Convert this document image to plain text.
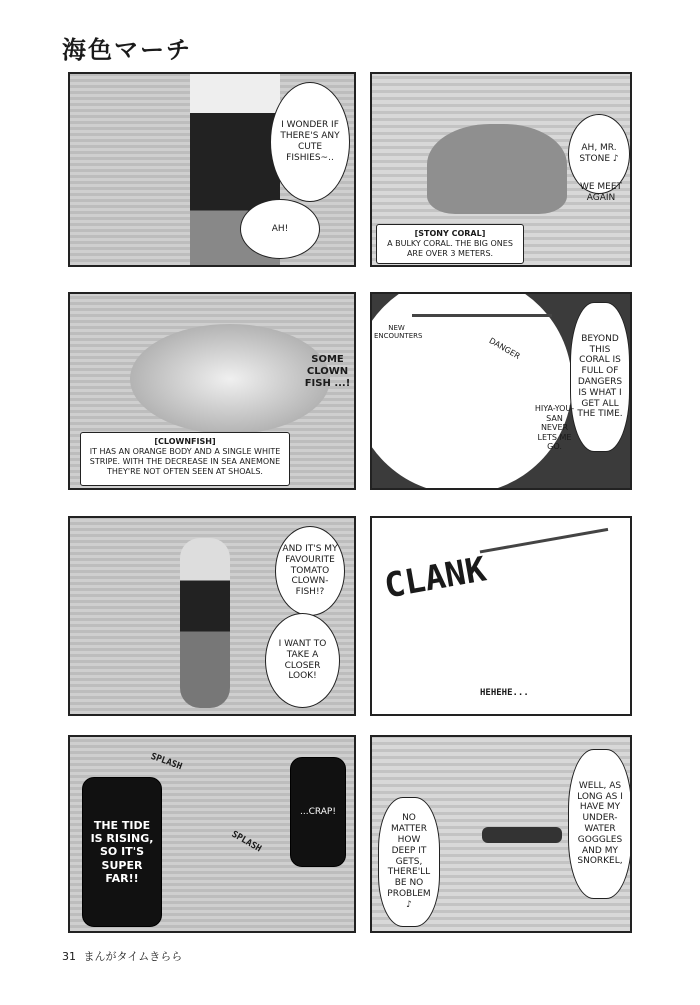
海色マーチ
I WONDER IF THERE'S ANY CUTE FISHIES~..
AH!
AH, MR. STONE ♪
WE MEET AGAIN
[STONY CORAL]
A BULKY CORAL. THE BIG ONES ARE OVER 3 METERS.
SOME CLOWN FISH ...!
[CLOWNFISH]
IT HAS AN ORANGE BODY AND A SINGLE WHITE STRIPE. WITH THE DECREASE IN SEA ANEMONE THEY'RE NOT OFTEN SEEN AT SHOALS.
NEW ENCOUNTERS	DANGER	BEYOND THIS CORAL IS FULL OF DANGERS IS WHAT I GET ALL THE TIME.
HIYA-YOU-SAN NEVER LETS ME GO.
AND IT'S MY FAVOURITE TOMATO CLOWN-FISH!?
I WANT TO TAKE A CLOSER LOOK!
CLANK
HEHEHE...
SPLASH
SPLASH
...CRAP!
THE TIDE IS RISING, SO IT'S SUPER FAR!!
WELL, AS LONG AS I HAVE MY UNDER-WATER GOGGLES AND MY SNORKEL,
NO MATTER HOW DEEP IT GETS, THERE'LL BE NO PROBLEM ♪
31 まんがタイムきらら
